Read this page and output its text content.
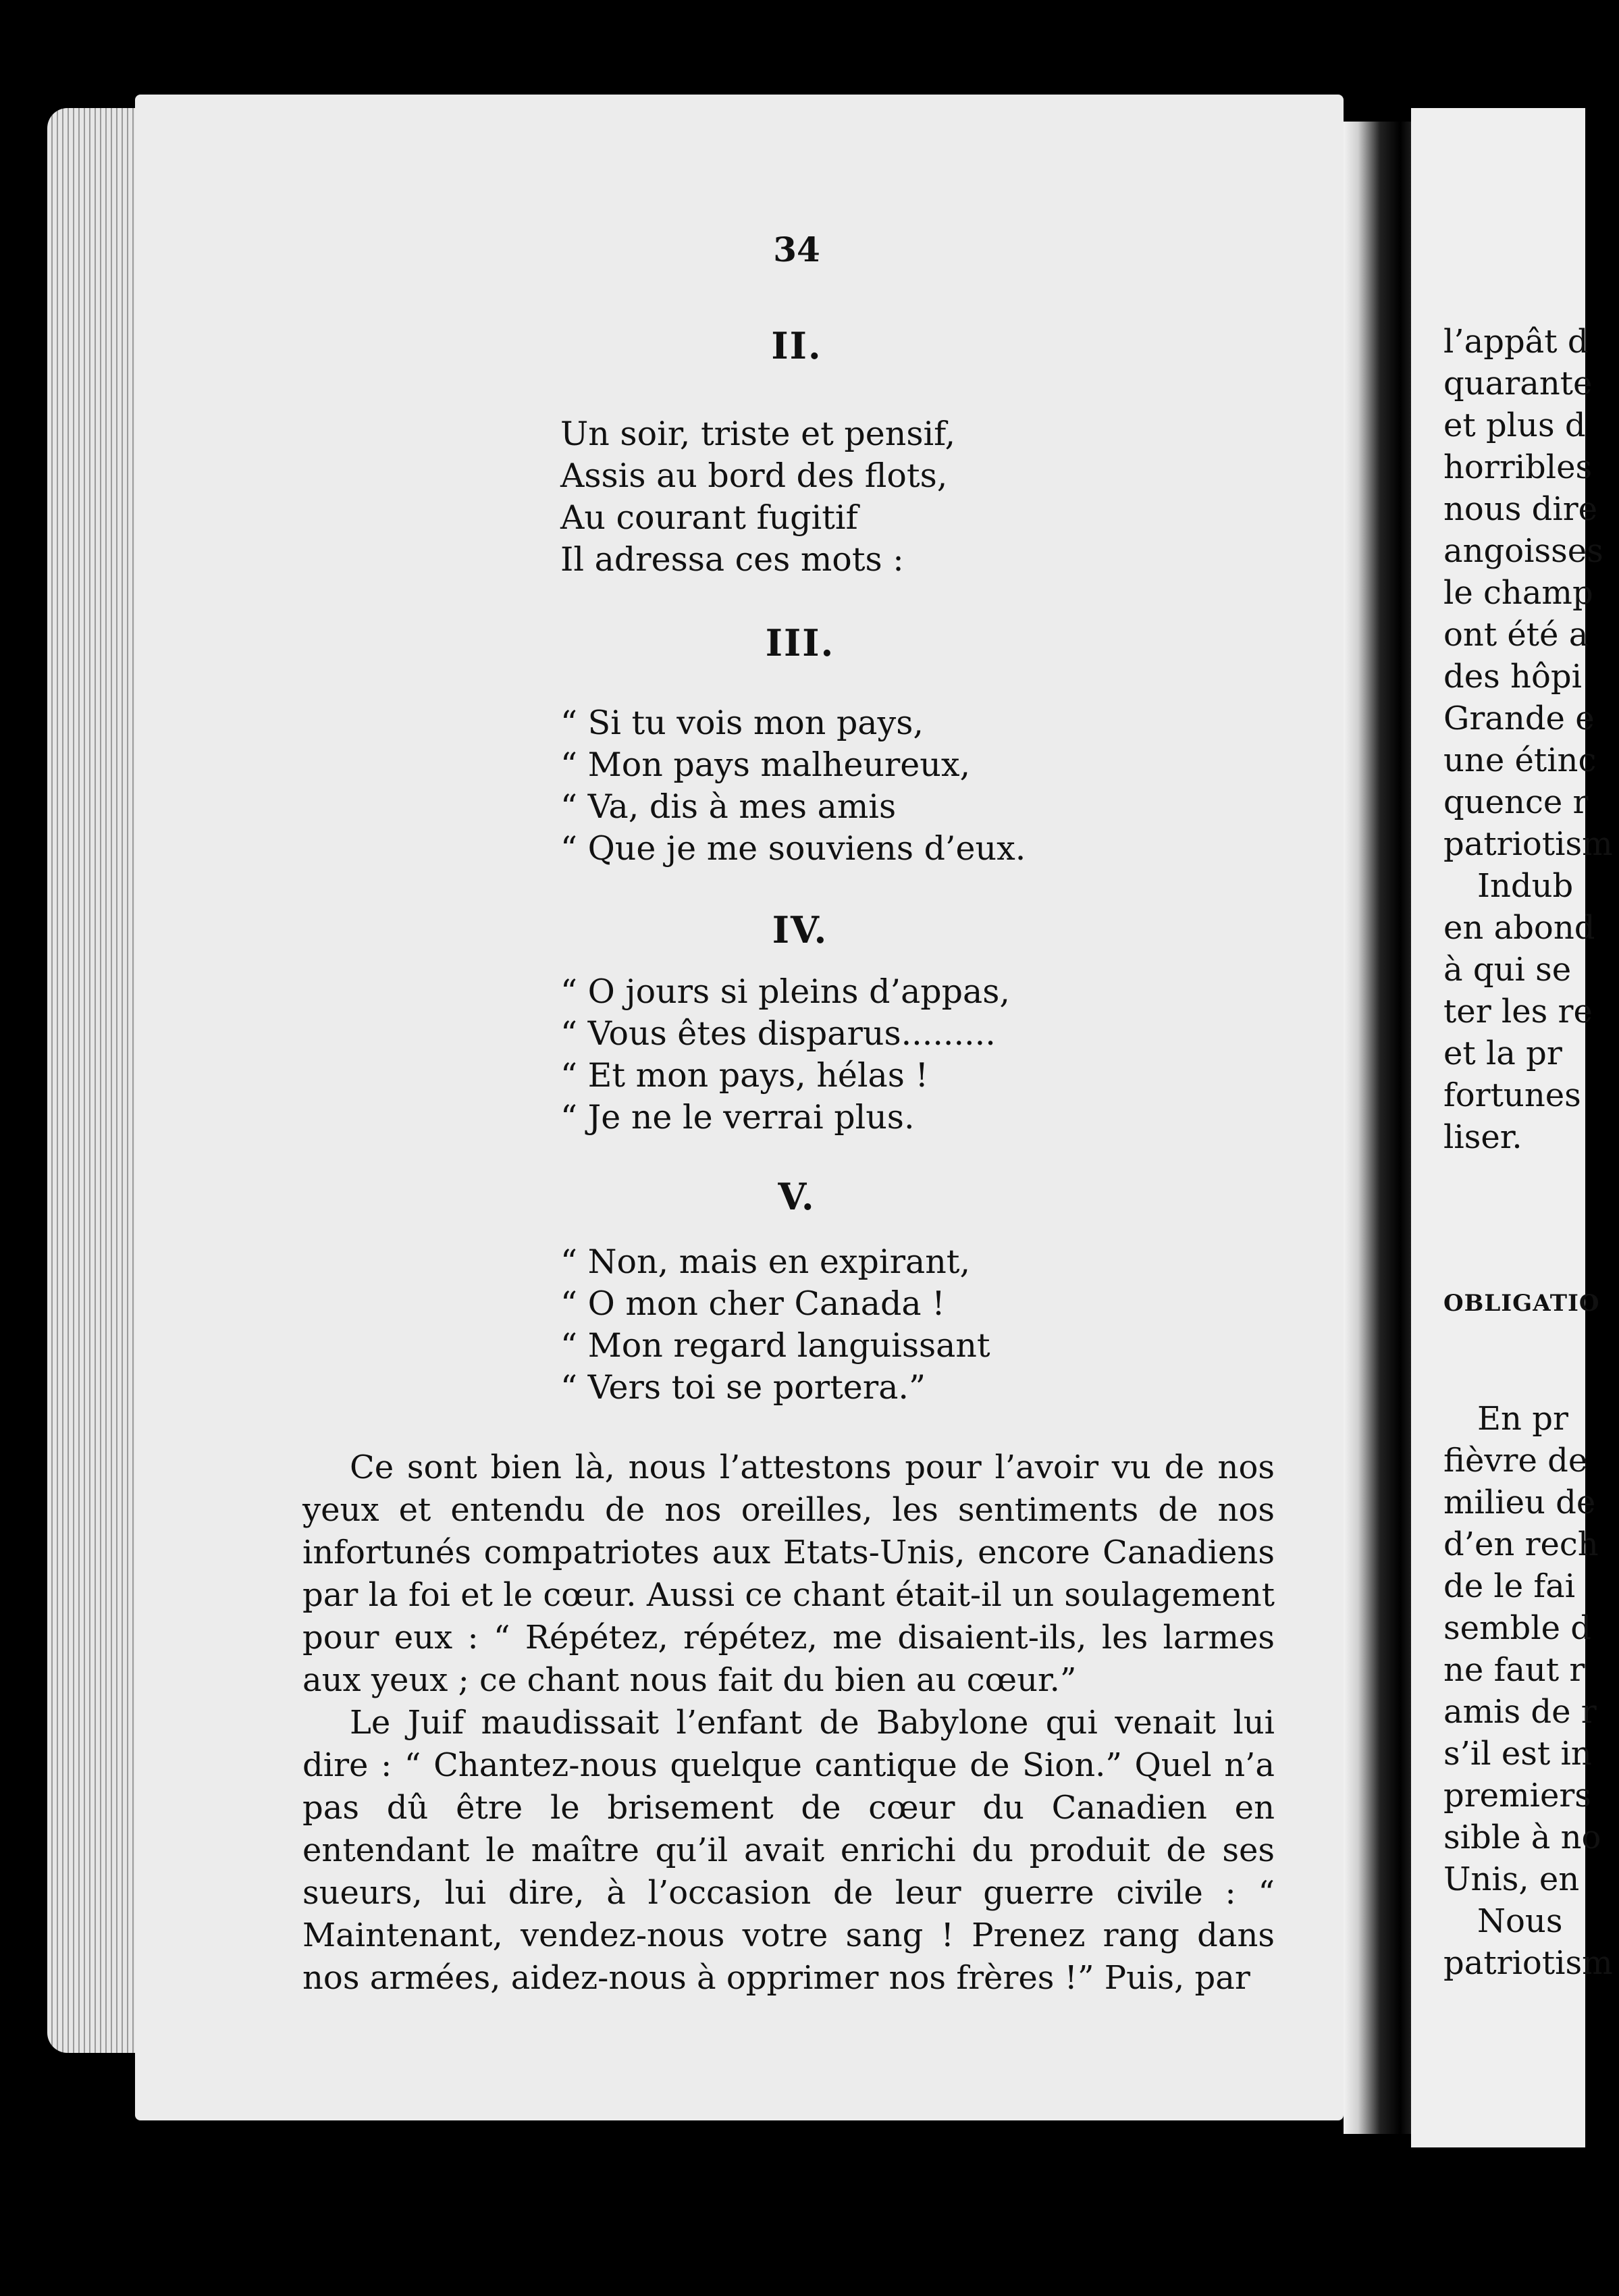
34
II.
Un soir, triste et pensif,
Assis au bord des flots,
Au courant fugitif
Il adressa ces mots :
III.
“ Si tu vois mon pays,
“ Mon pays malheureux,
“ Va, dis à mes amis
“ Que je me souviens d’eux.
IV.
“ O jours si pleins d’appas,
“ Vous êtes disparus.........
“ Et mon pays, hélas !
“ Je ne le verrai plus.
V.
“ Non, mais en expirant,
“ O mon cher Canada !
“ Mon regard languissant
“ Vers toi se portera.”

Ce sont bien là, nous l’attestons pour l’avoir vu de nos yeux et entendu de nos oreilles, les sentiments de nos infortunés compatriotes aux Etats-Unis, encore Canadiens par la foi et le cœur. Aussi ce chant était-il un soulagement pour eux : “ Répétez, répétez, me disaient-ils, les larmes aux yeux ; ce chant nous fait du bien au cœur.”

Le Juif maudissait l’enfant de Babylone qui venait lui dire : “ Chantez-nous quelque cantique de Sion.” Quel n’a pas dû être le brisement de cœur du Canadien en entendant le maître qu’il avait enrichi du produit de ses sueurs, lui dire, à l’occasion de leur guerre civile : “ Maintenant, vendez-nous votre sang ! Prenez rang dans nos armées, aidez-nous à opprimer nos frères !” Puis, par

l’appât d
quarante
et plus d
horribles
nous dire
angoisses
le champ
ont été a
des hôpi
Grande e
une étinc
quence r
patriotism
Indub
en abond
à qui se
ter les re
et la pr
fortunes
liser.
OBLIGATIO
En pr
fièvre de
milieu de
d’en rech
de le fai
semble d
ne faut r
amis de r
s’il est in
premiers
sible à no
Unis, en
Nous
patriotism
